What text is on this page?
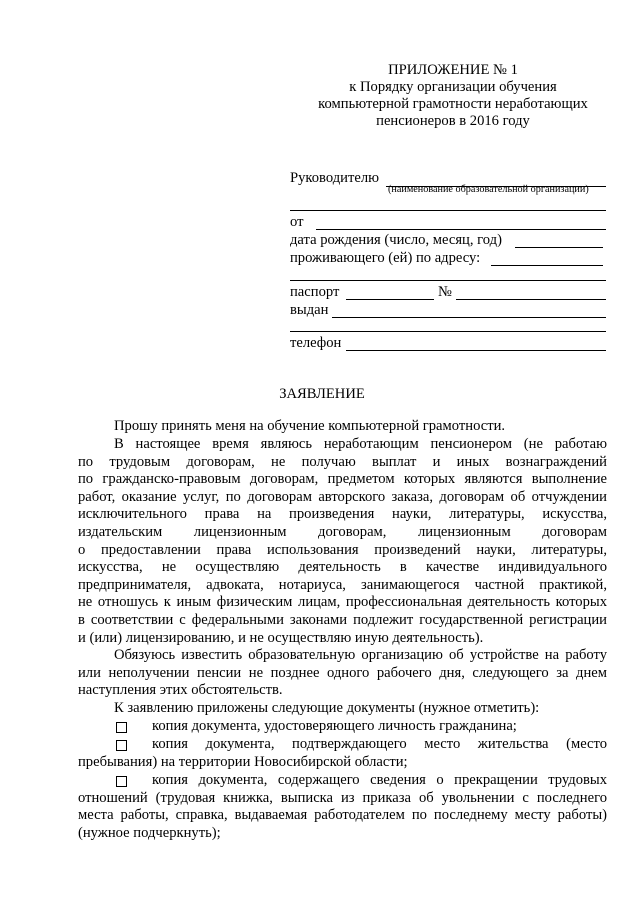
ПРИЛОЖЕНИЕ № 1
к Порядку организации обучения
компьютерной грамотности неработающих
пенсионеров в 2016 году
Руководителю
(наименование образовательной организации)
от
дата рождения (число, месяц, год)
проживающего (ей) по адресу:
паспорт	№
выдан
телефон
ЗАЯВЛЕНИЕ
Прошу принять меня на обучение компьютерной грамотности.
В настоящее время являюсь неработающим пенсионером (не работаю
по трудовым договорам, не получаю выплат и иных вознаграждений
по гражданско-правовым договорам, предметом которых являются выполнение
работ, оказание услуг, по договорам авторского заказа, договорам об отчуждении
исключительного права на произведения науки, литературы, искусства,
издательским лицензионным договорам, лицензионным договорам
о предоставлении права использования произведений науки, литературы,
искусства, не осуществляю деятельность в качестве индивидуального
предпринимателя, адвоката, нотариуса, занимающегося частной практикой,
не отношусь к иным физическим лицам, профессиональная деятельность которых
в соответствии с федеральными законами подлежит государственной регистрации
и (или) лицензированию, и не осуществляю иную деятельность).
Обязуюсь известить образовательную организацию об устройстве на работу
или неполучении пенсии не позднее одного рабочего дня, следующего за днем
наступления этих обстоятельств.
К заявлению приложены следующие документы (нужное отметить):
копия документа, удостоверяющего личность гражданина;
копия документа, подтверждающего место жительства (место
пребывания) на территории Новосибирской области;
копия документа, содержащего сведения о прекращении трудовых
отношений (трудовая книжка, выписка из приказа об увольнении с последнего
места работы, справка, выдаваемая работодателем по последнему месту работы)
(нужное подчеркнуть);
